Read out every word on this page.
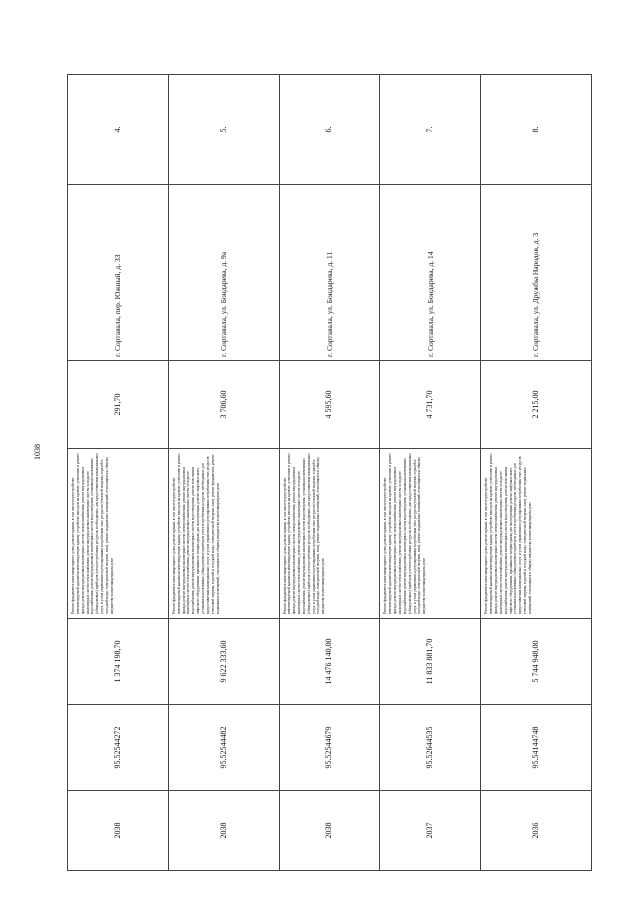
1038
2038	95.52544272	1 374 198,70	Ремонт фундамента многоквартирного дома, ремонт крыши, в том числе переустройство невентилируемой крыши на вентилируемую крышу, устройство выходов на кровлю, утепление и ремонт фасада, ремонт внутридомовых инженерных систем электроснабжения, ремонт внутридомовых инженерных систем теплоснабжения, ремонт внутридомовых инженерных систем холодного водоснабжения, ремонт внутридомовых инженерных систем водоотведения, установка коллективных (общедомовых) приборов учета потребления ресурсов, необходимых для предоставления коммунальных услуг, и узлов управления и регулирования потребления этих ресурсов (тепловой энергии, горячей и холодной воды, электрической энергии, газа), ремонт подвальных помещений, относящихся к общему имуществу в многоквартирном доме	291,70	г. Сортавала, пер. Южный, д. 33	4.
2038	95.52544482	9 622 333,60	Ремонт фундамента многоквартирного дома, ремонт крыши, в том числе переустройство невентилируемой крыши на вентилируемую крышу, устройство выходов на кровлю, утепление и ремонт фасада, ремонт внутридомовых инженерных систем электроснабжения, ремонт внутридомовых инженерных систем теплоснабжения, ремонт внутридомовых инженерных систем холодного водоснабжения, ремонт внутридомовых инженерных систем водоотведения, ремонт или замена лифтового оборудования, признанного непригодным для эксплуатации, ремонт лифтовых шахт, установка коллективных (общедомовых) приборов учета потребления ресурсов, необходимых для предоставления коммунальных услуг, и узлов управления и регулирования потребления этих ресурсов (тепловой энергии, горячей и холодной воды, электрической энергии, газа), ремонт фундамента, ремонт подвальных помещений, относящихся к общему имуществу в многоквартирном доме	3 706,60	г. Сортавала, ул. Бондарева, д. 9а	5.
2038	95.52544679	14 476 140,00	Ремонт фундамента многоквартирного дома, ремонт крыши, в том числе переустройство невентилируемой крыши на вентилируемую крышу, устройство выходов на кровлю, утепление и ремонт фасада, ремонт внутридомовых инженерных систем электроснабжения, ремонт внутридомовых инженерных систем теплоснабжения, ремонт внутридомовых инженерных систем холодного водоснабжения, ремонт внутридомовых инженерных систем водоотведения, установка коллективных (общедомовых) приборов учета потребления ресурсов, необходимых для предоставления коммунальных услуг, и узлов управления и регулирования потребления этих ресурсов (тепловой энергии, горячей и холодной воды, электрической энергии, газа), ремонт подвальных помещений, относящихся к общему имуществу в многоквартирном доме	4 595,60	г. Сортавала, ул. Бондарева, д. 11	6.
2037	95.52644535	11 833 881,70	Ремонт фундамента многоквартирного дома, ремонт крыши, в том числе переустройство невентилируемой крыши на вентилируемую крышу, устройство выходов на кровлю, утепление и ремонт фасада, ремонт внутридомовых инженерных систем электроснабжения, ремонт внутридомовых инженерных систем теплоснабжения, ремонт внутридомовых инженерных систем холодного водоснабжения, ремонт внутридомовых инженерных систем водоотведения, установка коллективных (общедомовых) приборов учета потребления ресурсов, необходимых для предоставления коммунальных услуг, и узлов управления и регулирования потребления этих ресурсов (тепловой энергии, горячей и холодной воды, электрической энергии, газа), ремонт подвальных помещений, относящихся к общему имуществу в многоквартирном доме	4 731,70	г. Сортавала, ул. Бондарева, д. 14	7.
2036	95.54144748	5 744 948,00	Ремонт фундамента многоквартирного дома, ремонт крыши, в том числе переустройство невентилируемой крыши на вентилируемую крышу, устройство выходов на кровлю, утепление и ремонт фасада, ремонт внутридомовых инженерных систем электроснабжения, ремонт внутридомовых инженерных систем теплоснабжения, ремонт внутридомовых инженерных систем холодного водоснабжения, ремонт внутридомовых инженерных систем водоотведения, ремонт или замена лифтового оборудования, признанного непригодным для эксплуатации, ремонт лифтовых шахт, установка коллективных (общедомовых) приборов учета потребления ресурсов, необходимых для предоставления коммунальных услуг, и узлов управления и регулирования потребления этих ресурсов (тепловой энергии, горячей и холодной воды, электрической энергии, газа), ремонт подвальных помещений, относящихся к общему имуществу в многоквартирном доме	2 215,00	г. Сортавала, ул. Дружбы Народов, д. 3	8.
